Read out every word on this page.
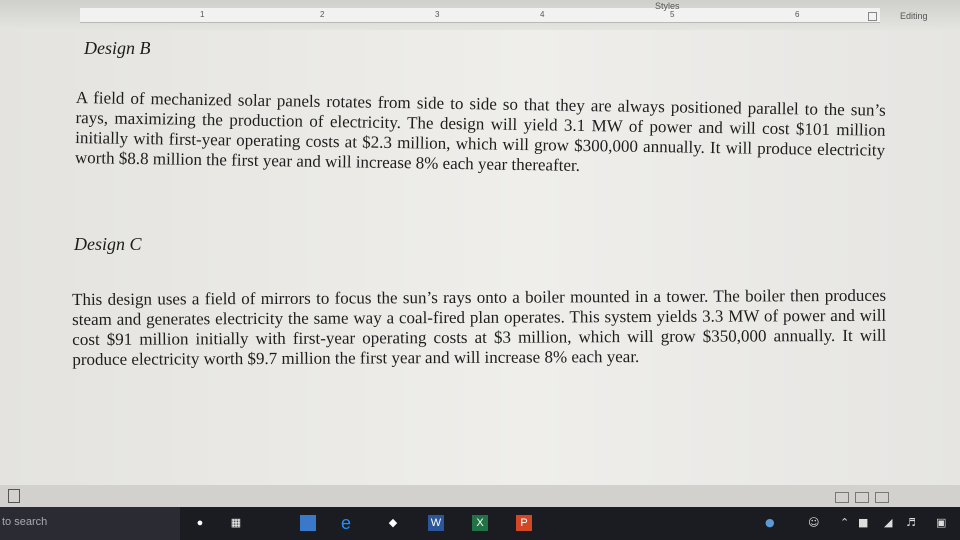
1	2	3	4	5	6
Styles
Editing

Design B

A field of mechanized solar panels rotates from side to side so that they are always positioned parallel to the sun’s rays, maximizing the production of electricity. The design will yield 3.1 MW of power and will cost $101 million initially with first-year operating costs at $2.3 million, which will grow $300,000 annually. It will produce electricity worth $8.8 million the first year and will increase 8% each year thereafter.

Design C

This design uses a field of mirrors to focus the sun’s rays onto a boiler mounted in a tower. The boiler then produces steam and generates electricity the same way a coal-fired plan operates. This system yields 3.3 MW of power and will cost $91 million initially with first-year operating costs at $3 million, which will grow $350,000 annually. It will produce electricity worth $9.7 million the first year and will increase 8% each year.

to search	●	▦	e	◆	W	X	P	●	☺ ⌃ ■ ◢ ♬ ▣
